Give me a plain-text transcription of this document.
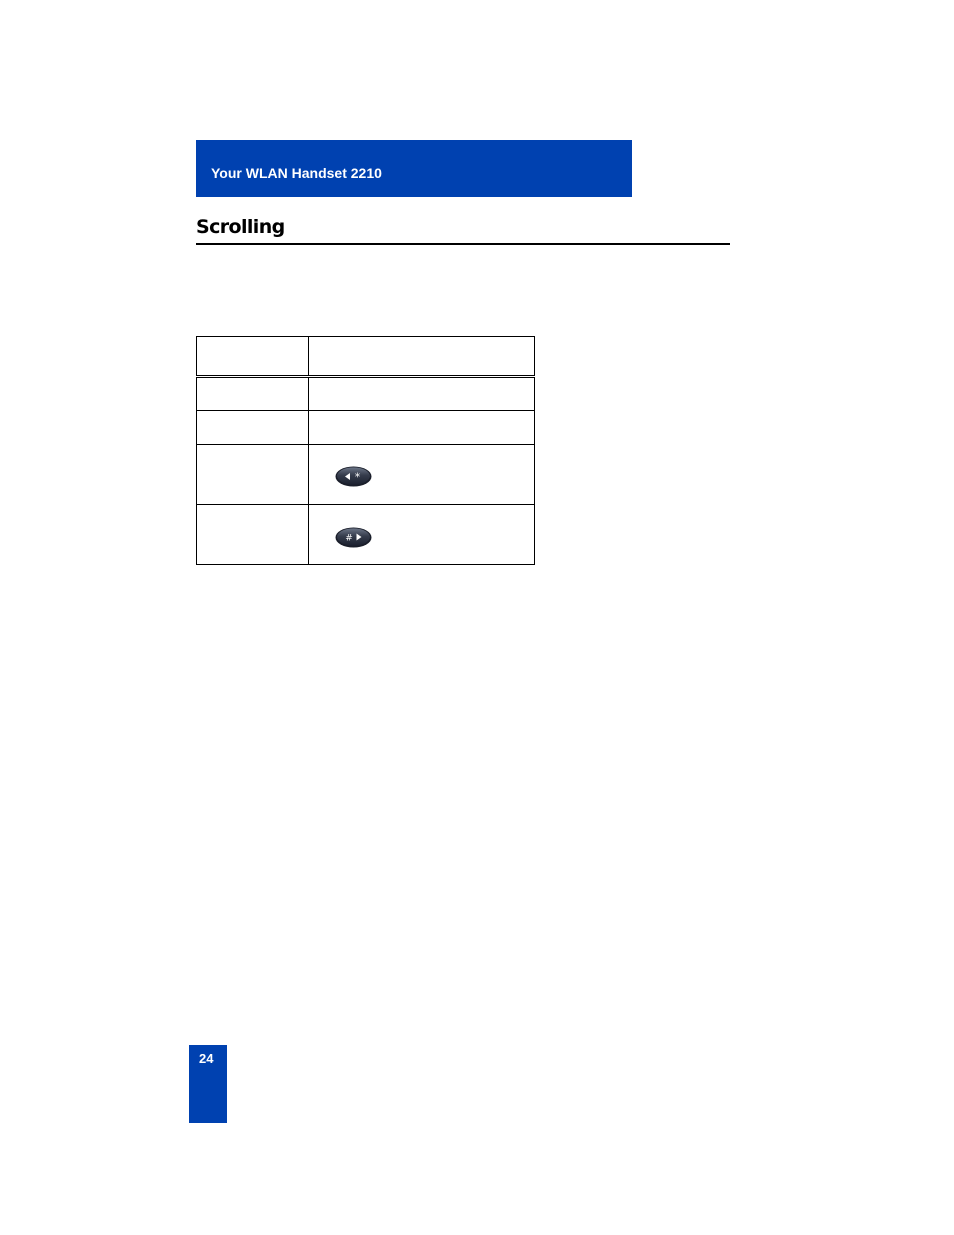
Your WLAN Handset 2210
Scrolling

*

#
24
